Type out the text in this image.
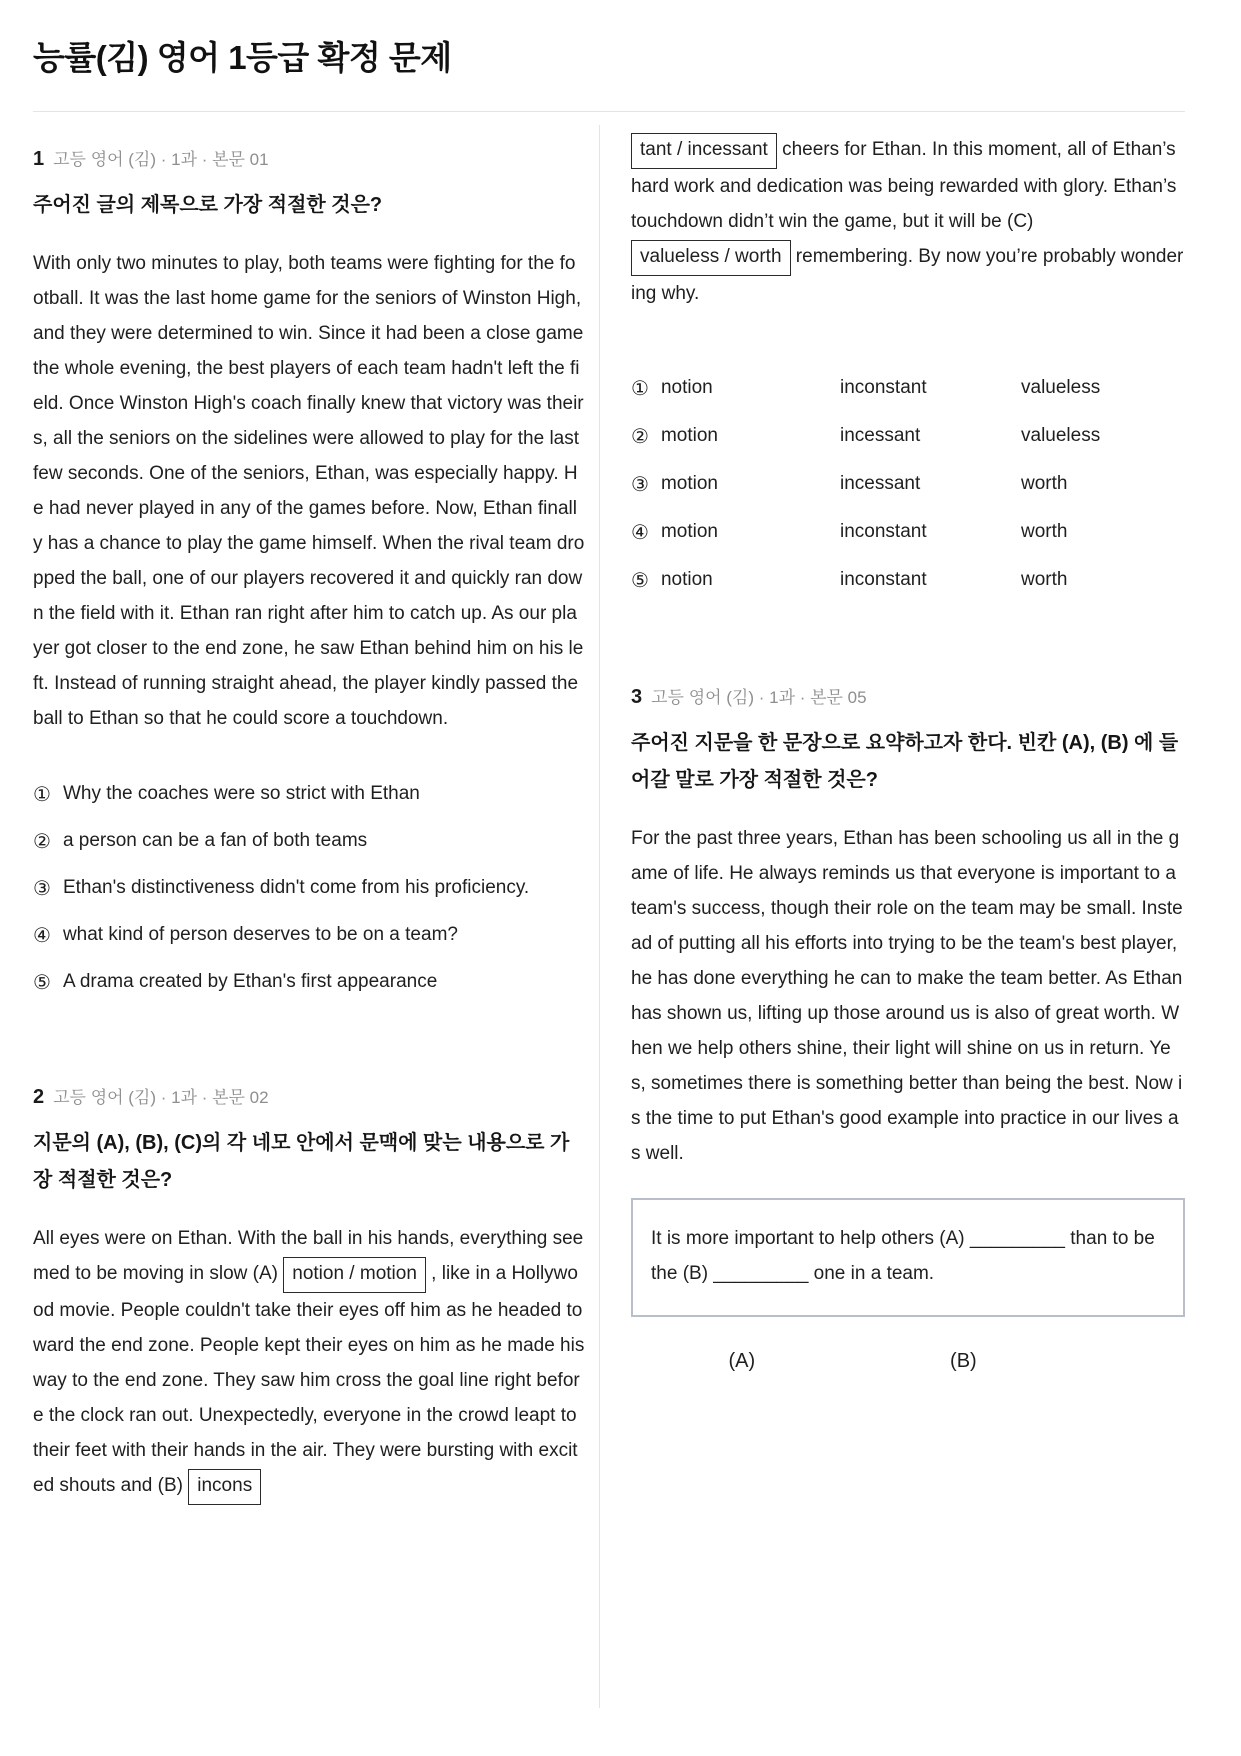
능률(김) 영어 1등급 확정 문제
1 고등 영어 (김) · 1과 · 본문 01
주어진 글의 제목으로 가장 적절한 것은?

With only two minutes to play, both teams were fighting for the football. It was the last home game for the seniors of Winston High, and they were determined to win. Since it had been a close game the whole evening, the best players of each team hadn't left the field. Once Winston High's coach finally knew that victory was theirs, all the seniors on the sidelines were allowed to play for the last few seconds. One of the seniors, Ethan, was especially happy. He had never played in any of the games before. Now, Ethan finally has a chance to play the game himself. When the rival team dropped the ball, one of our players recovered it and quickly ran down the field with it. Ethan ran right after him to catch up. As our player got closer to the end zone, he saw Ethan behind him on his left. Instead of running straight ahead, the player kindly passed the ball to Ethan so that he could score a touchdown.

① Why the coaches were so strict with Ethan
② a person can be a fan of both teams
③ Ethan's distinctiveness didn't come from his proficiency.
④ what kind of person deserves to be on a team?
⑤ A drama created by Ethan's first appearance
2 고등 영어 (김) · 1과 · 본문 02
지문의 (A), (B), (C)의 각 네모 안에서 문맥에 맞는 내용으로 가장 적절한 것은?

All eyes were on Ethan. With the ball in his hands, everything seemed to be moving in slow (A) notion / motion , like in a Hollywood movie. People couldn't take their eyes off him as he headed toward the end zone. People kept their eyes on him as he made his way to the end zone. They saw him cross the goal line right before the clock ran out. Unexpectedly, everyone in the crowd leapt to their feet with their hands in the air. They were bursting with excited shouts and (B) incons

tant / incessant cheers for Ethan. In this moment, all of Ethan’s hard work and dedication was being rewarded with glory. Ethan’s touchdown didn’t win the game, but it will be (C) valueless / worth remembering. By now you’re probably wondering why.

① notion	inconstant	valueless
② motion	incessant	valueless
③ motion	incessant	worth
④ motion	inconstant	worth
⑤ notion	inconstant	worth
3 고등 영어 (김) · 1과 · 본문 05
주어진 지문을 한 문장으로 요약하고자 한다. 빈칸 (A), (B) 에 들어갈 말로 가장 적절한 것은?

For the past three years, Ethan has been schooling us all in the game of life. He always reminds us that everyone is important to a team's success, though their role on the team may be small. Instead of putting all his efforts into trying to be the team's best player, he has done everything he can to make the team better. As Ethan has shown us, lifting up those around us is also of great worth. When we help others shine, their light will shine on us in return. Yes, sometimes there is something better than being the best. Now is the time to put Ethan's good example into practice in our lives as well.

It is more important to help others (A) _________ than to be the (B) _________ one in a team.

(A)	(B)
